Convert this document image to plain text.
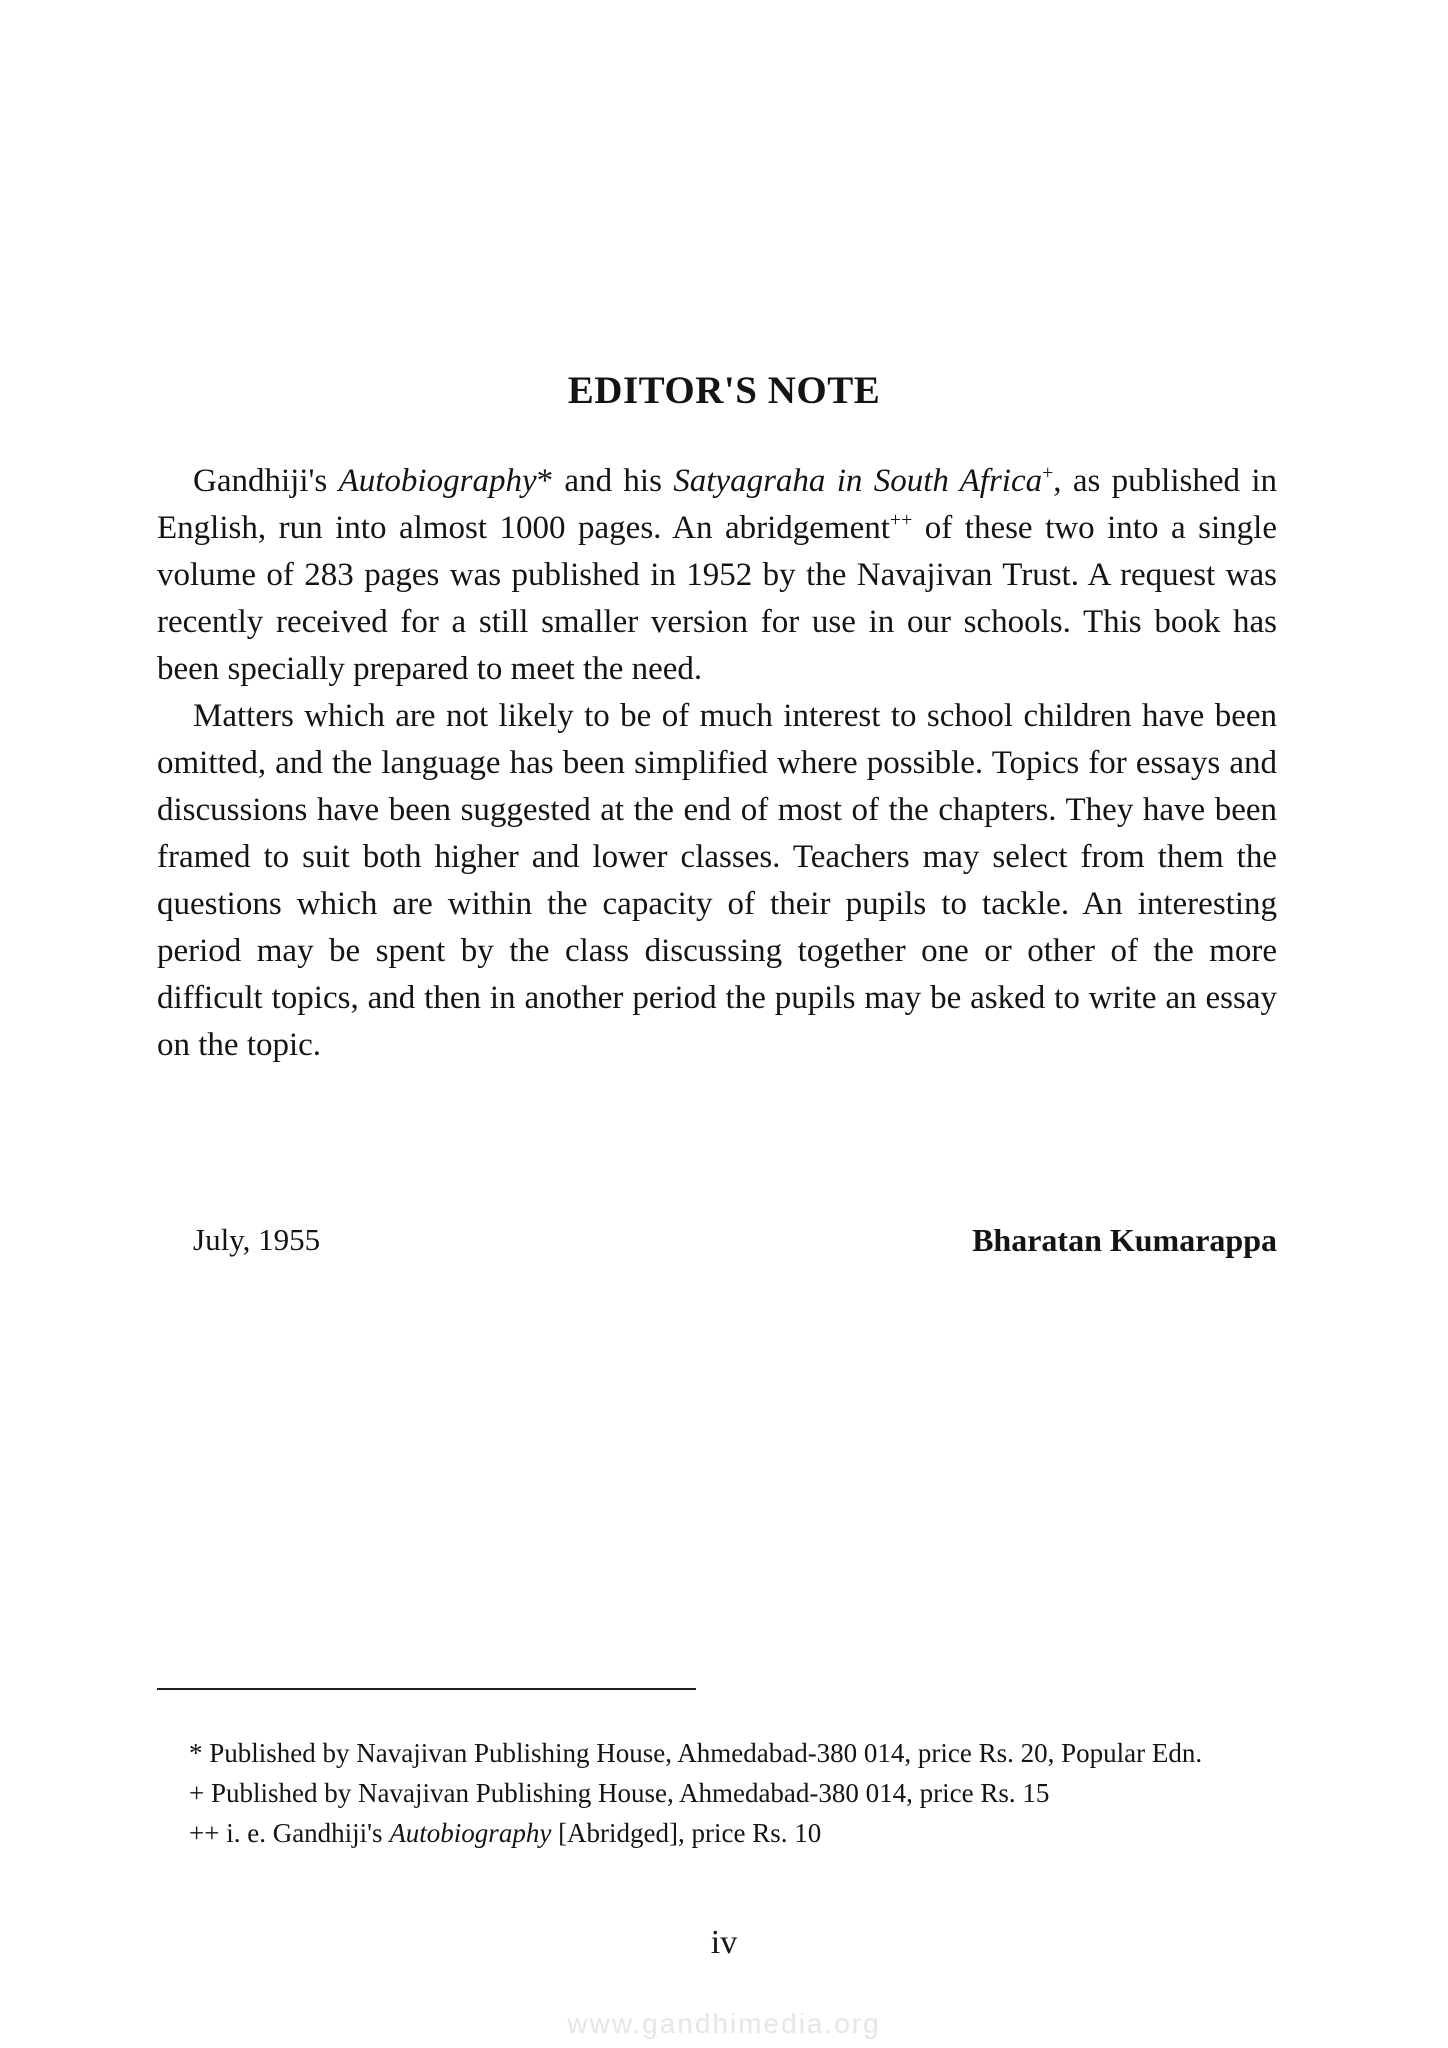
EDITOR'S NOTE

Gandhiji's Autobiography* and his Satyagraha in South Africa+, as published in English, run into almost 1000 pages. An abridgement++ of these two into a single volume of 283 pages was published in 1952 by the Navajivan Trust. A request was recently received for a still smaller version for use in our schools. This book has been specially prepared to meet the need.

Matters which are not likely to be of much interest to school children have been omitted, and the language has been simplified where possible. Topics for essays and discussions have been suggested at the end of most of the chapters. They have been framed to suit both higher and lower classes. Teachers may select from them the questions which are within the capacity of their pupils to tackle. An interesting period may be spent by the class discussing together one or other of the more difficult topics, and then in another period the pupils may be asked to write an essay on the topic.

July, 1955	Bharatan Kumarappa
* Published by Navajivan Publishing House, Ahmedabad-380 014, price Rs. 20, Popular Edn.
+ Published by Navajivan Publishing House, Ahmedabad-380 014, price Rs. 15
++ i. e. Gandhiji's Autobiography [Abridged], price Rs. 10
iv
www.gandhimedia.org
